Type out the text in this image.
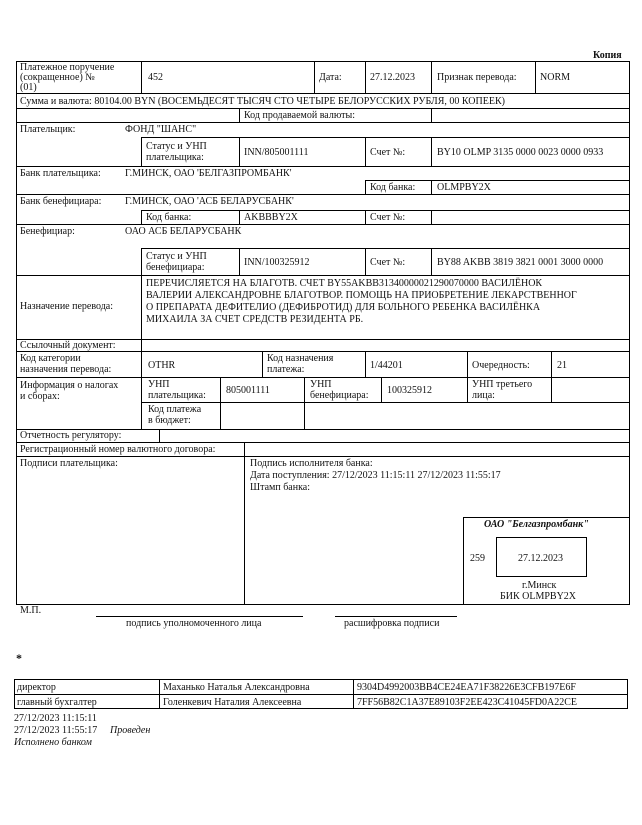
Копия
Платежное поручение
(сокращенное) №
(01)
452	Дата:	27.12.2023 Признак перевода: NORM
Сумма и валюта: 80104.00 BYN (ВОСЕМЬДЕСЯТ ТЫСЯЧ СТО ЧЕТЫРЕ БЕЛОРУССКИХ РУБЛЯ, 00 КОПЕЕК)
Код продаваемой валюты:
Плательщик:	ФОНД "ШАНС"
Статус и УНП
плательщика:	INN/805001111	Счет №:	BY10 OLMP 3135 0000 0023 0000 0933
Банк плательщика: Г.МИНСК, ОАО 'БЕЛГАЗПРОМБАНК'
Код банка: OLMPBY2X
Банк бенефициара: Г.МИНСК, ОАО 'АСБ БЕЛАРУСБАНК'
Код банка:	AKBBBY2X	Счет №:
Бенефициар:	ОАО АСБ БЕЛАРУСБАНК
Статус и УНП
бенефициара:	INN/100325912	Счет №:	BY88 AKBB 3819 3821 0001 3000 0000
Назначение перевода:
ПЕРЕЧИСЛЯЕТСЯ НА БЛАГОТВ. СЧЕТ BY55AKBB31340000021290070000 ВАСИЛЁНОК
ВАЛЕРИИ АЛЕКСАНДРОВНЕ БЛАГОТВОР. ПОМОЩЬ НА ПРИОБРЕТЕНИЕ ЛЕКАРСТВЕННОГ
О ПРЕПАРАТА ДЕФИТЕЛИО (ДЕФИБРОТИД) ДЛЯ БОЛЬНОГО РЕБЕНКА ВАСИЛЁНКА
МИХАИЛА ЗА СЧЕТ СРЕДСТВ РЕЗИДЕНТА РБ.
Ссылочный документ:
Код категории
назначения перевода:	OTHR
Код назначения
платежа:	1/44201	Очередность:	21
Информация о налогах
и сборах:
УНП
плательщика: 805001111
УНП
бенефициара: 100325912
УНП третьего
лица:
Код платежа
в бюджет:
Отчетность регулятору:
Регистрационный номер валютного договора:
Подписи плательщика:	Подпись исполнителя банка:
Дата поступления: 27/12/2023 11:15:11 27/12/2023 11:55:17
Штамп банка:
ОАО "Белгазпромбанк"
259	27.12.2023
г.Минск
БИК OLMPBY2X
М.П.
подпись уполномоченного лица	расшифровка подписи
*
директор	Маханько Наталья Александровна	9304D4992003BB4CE24EA71F38226E3CFB197E6F
главный бухгалтер	Голенкевич Наталия Алексеевна	7FF56B82C1A37E89103F2EE423C41045FD0A22CE
27/12/2023 11:15:11
27/12/2023 11:55:17 Проведен
Исполнено банком
